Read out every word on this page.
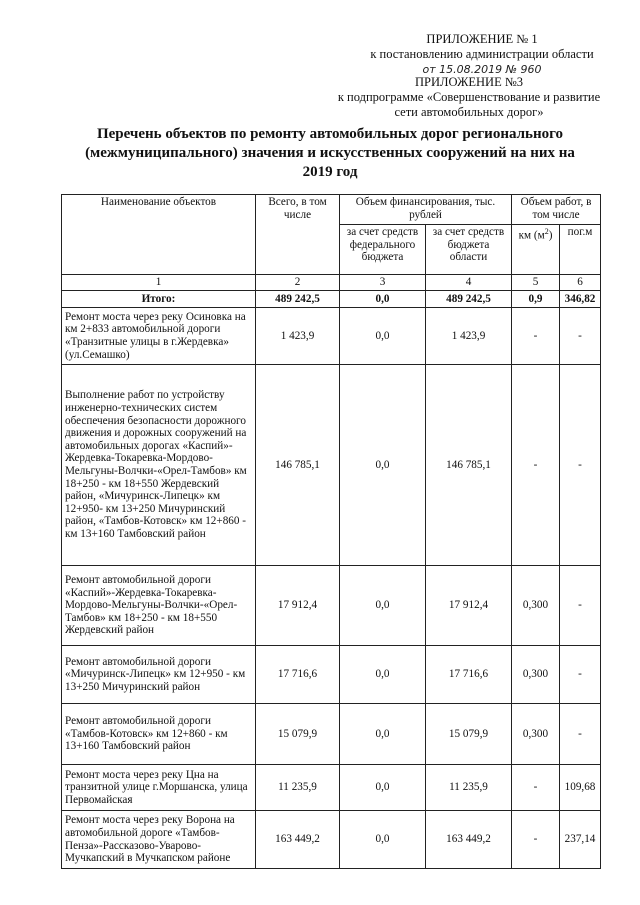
ПРИЛОЖЕНИЕ № 1
к постановлению администрации области
от 15.08.2019 № 960
ПРИЛОЖЕНИЕ №3
к подпрограмме «Совершенствование и развитие
сети автомобильных дорог»
Перечень объектов по ремонту автомобильных дорог регионального
(межмуниципального) значения и искусственных сооружений на них на
2019 год
Наименование объектов	Всего, в том числе	Объем финансирования, тыс. рублей		Объем работ, в том числе	
		за счет средств федерального бюджета	за счет средств бюджета области	км $(м^2)$	пог.м
1	2	3	4	5	6
Итого:	489 242,5	0,0	489 242,5	0,9	346,82
Ремонт моста через реку Осиновка на км 2+833 автомобильной дороги «Транзитные улицы в г.Жердевка» (ул.Семашко)	1 423,9	0,0	1 423,9	-	-
Выполнение работ по устройству инженерно-технических систем обеспечения безопасности дорожного движения и дорожных сооружений на автомобильных дорогах «Каспий»-Жердевка-Токаревка-Мордово-Мельгуны-Волчки-«Орел-Тамбов» км 18+250 - км 18+550 Жердевский район, «Мичуринск-Липецк» км 12+950- км 13+250 Мичуринский район, «Тамбов-Котовск» км 12+860 - км 13+160 Тамбовский район	146 785,1	0,0	146 785,1	-	-
Ремонт автомобильной дороги «Каспий»-Жердевка-Токаревка-Мордово-Мельгуны-Волчки-«Орел-Тамбов» км 18+250 - км 18+550 Жердевский район	17 912,4	0,0	17 912,4	0,300	-
Ремонт автомобильной дороги «Мичуринск-Липецк» км 12+950 - км 13+250 Мичуринский район	17 716,6	0,0	17 716,6	0,300	-
Ремонт автомобильной дороги «Тамбов-Котовск» км 12+860 - км 13+160 Тамбовский район	15 079,9	0,0	15 079,9	0,300	-
Ремонт моста через реку Цна на транзитной улице г.Моршанска, улица Первомайская	11 235,9	0,0	11 235,9	-	109,68
Ремонт моста через реку Ворона на автомобильной дороге «Тамбов-Пенза»-Рассказово-Уварово-Мучкапский в Мучкапском районе	163 449,2	0,0	163 449,2	-	237,14
